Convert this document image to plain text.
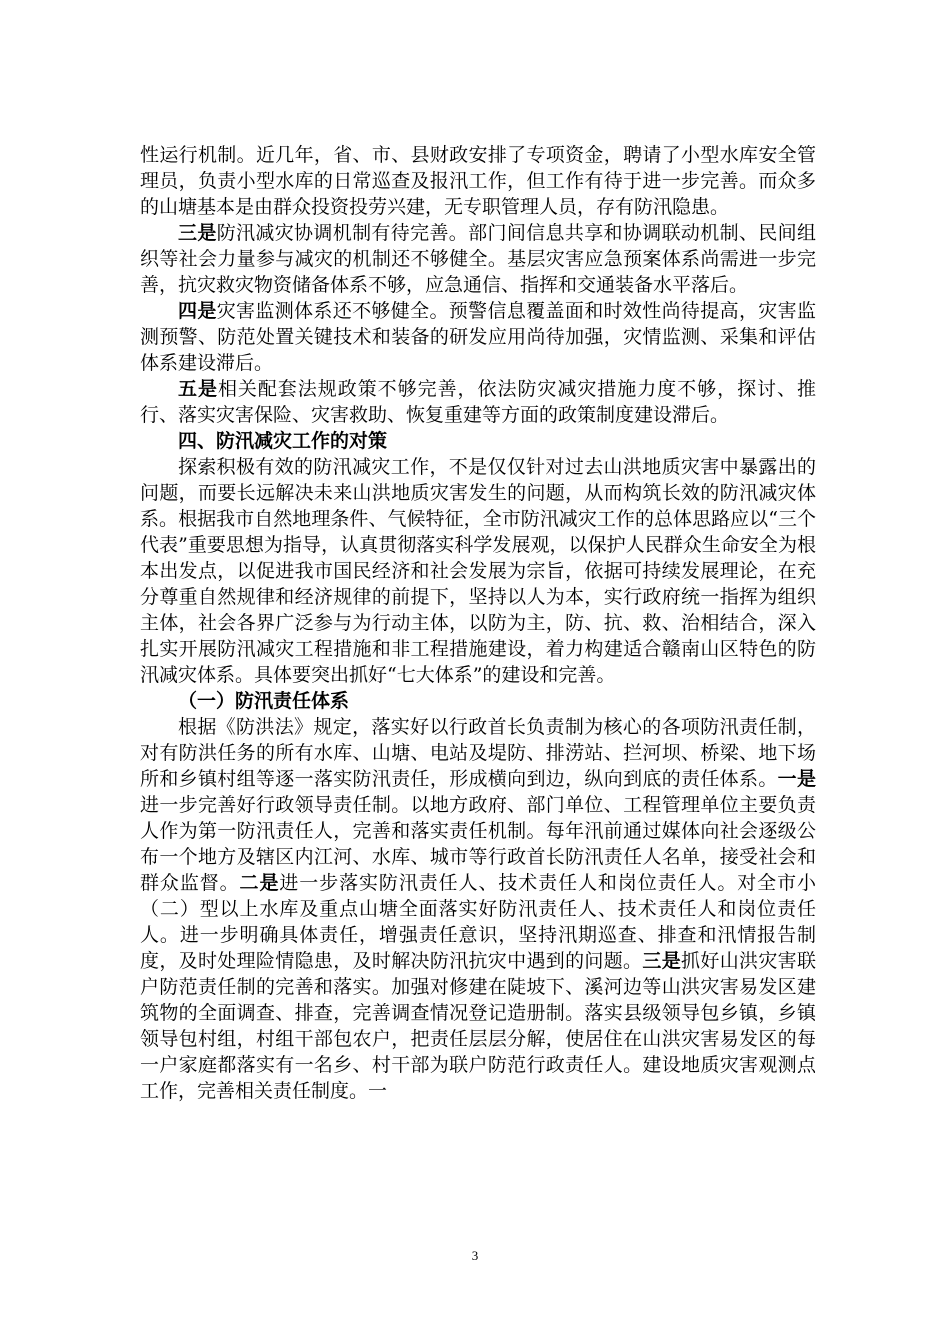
性运行机制。近几年，省、市、县财政安排了专项资金，聘请了小型水库安全管理员，负责小型水库的日常巡查及报汛工作，但工作有待于进一步完善。而众多的山塘基本是由群众投资投劳兴建，无专职管理人员，存有防汛隐患。

三是防汛减灾协调机制有待完善。部门间信息共享和协调联动机制、民间组织等社会力量参与减灾的机制还不够健全。基层灾害应急预案体系尚需进一步完善，抗灾救灾物资储备体系不够，应急通信、指挥和交通装备水平落后。

四是灾害监测体系还不够健全。预警信息覆盖面和时效性尚待提高，灾害监测预警、防范处置关键技术和装备的研发应用尚待加强，灾情监测、采集和评估体系建设滞后。

五是相关配套法规政策不够完善，依法防灾减灾措施力度不够，探讨、推行、落实灾害保险、灾害救助、恢复重建等方面的政策制度建设滞后。

四、防汛减灾工作的对策

探索积极有效的防汛减灾工作，不是仅仅针对过去山洪地质灾害中暴露出的问题，而要长远解决未来山洪地质灾害发生的问题，从而构筑长效的防汛减灾体系。根据我市自然地理条件、气候特征，全市防汛减灾工作的总体思路应以“三个代表”重要思想为指导，认真贯彻落实科学发展观，以保护人民群众生命安全为根本出发点，以促进我市国民经济和社会发展为宗旨，依据可持续发展理论，在充分尊重自然规律和经济规律的前提下，坚持以人为本，实行政府统一指挥为组织主体，社会各界广泛参与为行动主体，以防为主，防、抗、救、治相结合，深入扎实开展防汛减灾工程措施和非工程措施建设，着力构建适合赣南山区特色的防汛减灾体系。具体要突出抓好“七大体系”的建设和完善。

（一）防汛责任体系

根据《防洪法》规定，落实好以行政首长负责制为核心的各项防汛责任制，对有防洪任务的所有水库、山塘、电站及堤防、排涝站、拦河坝、桥梁、地下场所和乡镇村组等逐一落实防汛责任，形成横向到边，纵向到底的责任体系。一是进一步完善好行政领导责任制。以地方政府、部门单位、工程管理单位主要负责人作为第一防汛责任人，完善和落实责任机制。每年汛前通过媒体向社会逐级公布一个地方及辖区内江河、水库、城市等行政首长防汛责任人名单，接受社会和群众监督。二是进一步落实防汛责任人、技术责任人和岗位责任人。对全市小（二）型以上水库及重点山塘全面落实好防汛责任人、技术责任人和岗位责任人。进一步明确具体责任，增强责任意识，坚持汛期巡查、排查和汛情报告制度，及时处理险情隐患，及时解决防汛抗灾中遇到的问题。三是抓好山洪灾害联户防范责任制的完善和落实。加强对修建在陡坡下、溪河边等山洪灾害易发区建筑物的全面调查、排查，完善调查情况登记造册制。落实县级领导包乡镇，乡镇领导包村组，村组干部包农户，把责任层层分解，使居住在山洪灾害易发区的每一户家庭都落实有一名乡、村干部为联户防范行政责任人。建设地质灾害观测点工作，完善相关责任制度。一

3
